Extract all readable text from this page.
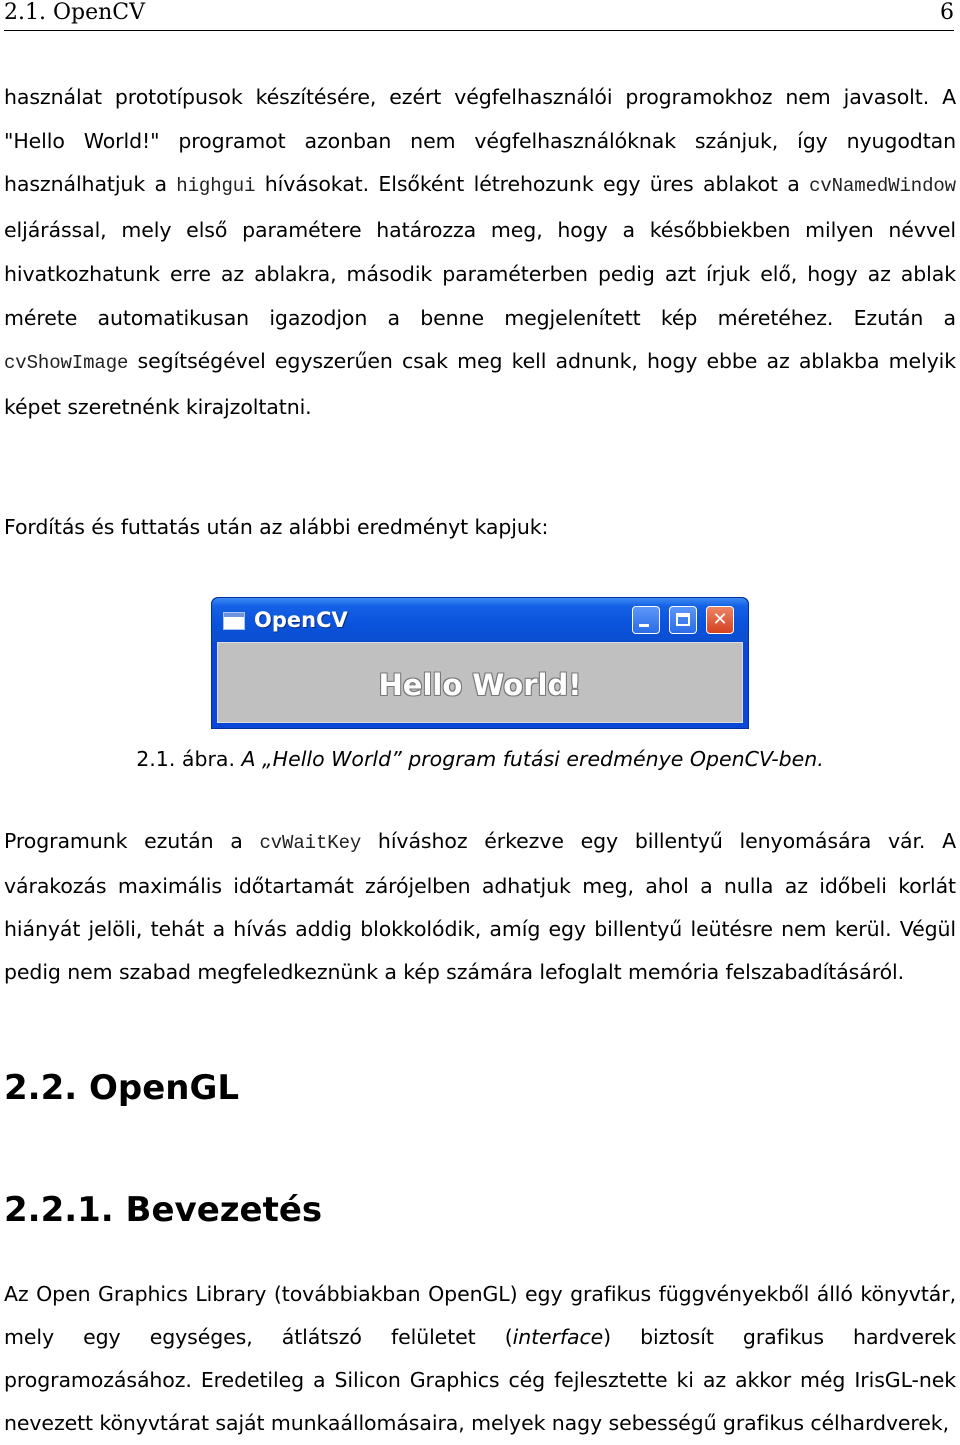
2.1. OpenCV	6

használat prototípusok készítésére, ezért végfelhasználói programokhoz nem javasolt. A "Hello World!" programot azonban nem végfelhasználóknak szánjuk, így nyugodtan használhatjuk a highgui hívásokat. Elsőként létrehozunk egy üres ablakot a cvNamedWindow eljárással, mely első paramétere határozza meg, hogy a későbbiekben milyen névvel hivatkozhatunk erre az ablakra, második paraméterben pedig azt írjuk elő, hogy az ablak mérete automatikusan igazodjon a benne megjelenített kép méretéhez. Ezután a cvShowImage segítségével egyszerűen csak meg kell adnunk, hogy ebbe az ablakba melyik képet szeretnénk kirajzoltatni.

Fordítás és futtatás után az alábbi eredményt kapjuk:

OpenCV	✕
Hello World!
2.1. ábra. A „Hello World” program futási eredménye OpenCV-ben.

Programunk ezután a cvWaitKey híváshoz érkezve egy billentyű lenyomására vár. A várakozás maximális időtartamát zárójelben adhatjuk meg, ahol a nulla az időbeli korlát hiányát jelöli, tehát a hívás addig blokkolódik, amíg egy billentyű leütésre nem kerül. Végül pedig nem szabad megfeledkeznünk a kép számára lefoglalt memória felszabadításáról.

2.2. OpenGL
2.2.1. Bevezetés

Az Open Graphics Library (továbbiakban OpenGL) egy grafikus függvényekből álló könyvtár, mely egy egységes, átlátszó felületet (interface) biztosít grafikus hardverek programozásához. Eredetileg a Silicon Graphics cég fejlesztette ki az akkor még IrisGL-nek nevezett könyvtárat saját munkaállomásaira, melyek nagy sebességű grafikus célhardverek,
